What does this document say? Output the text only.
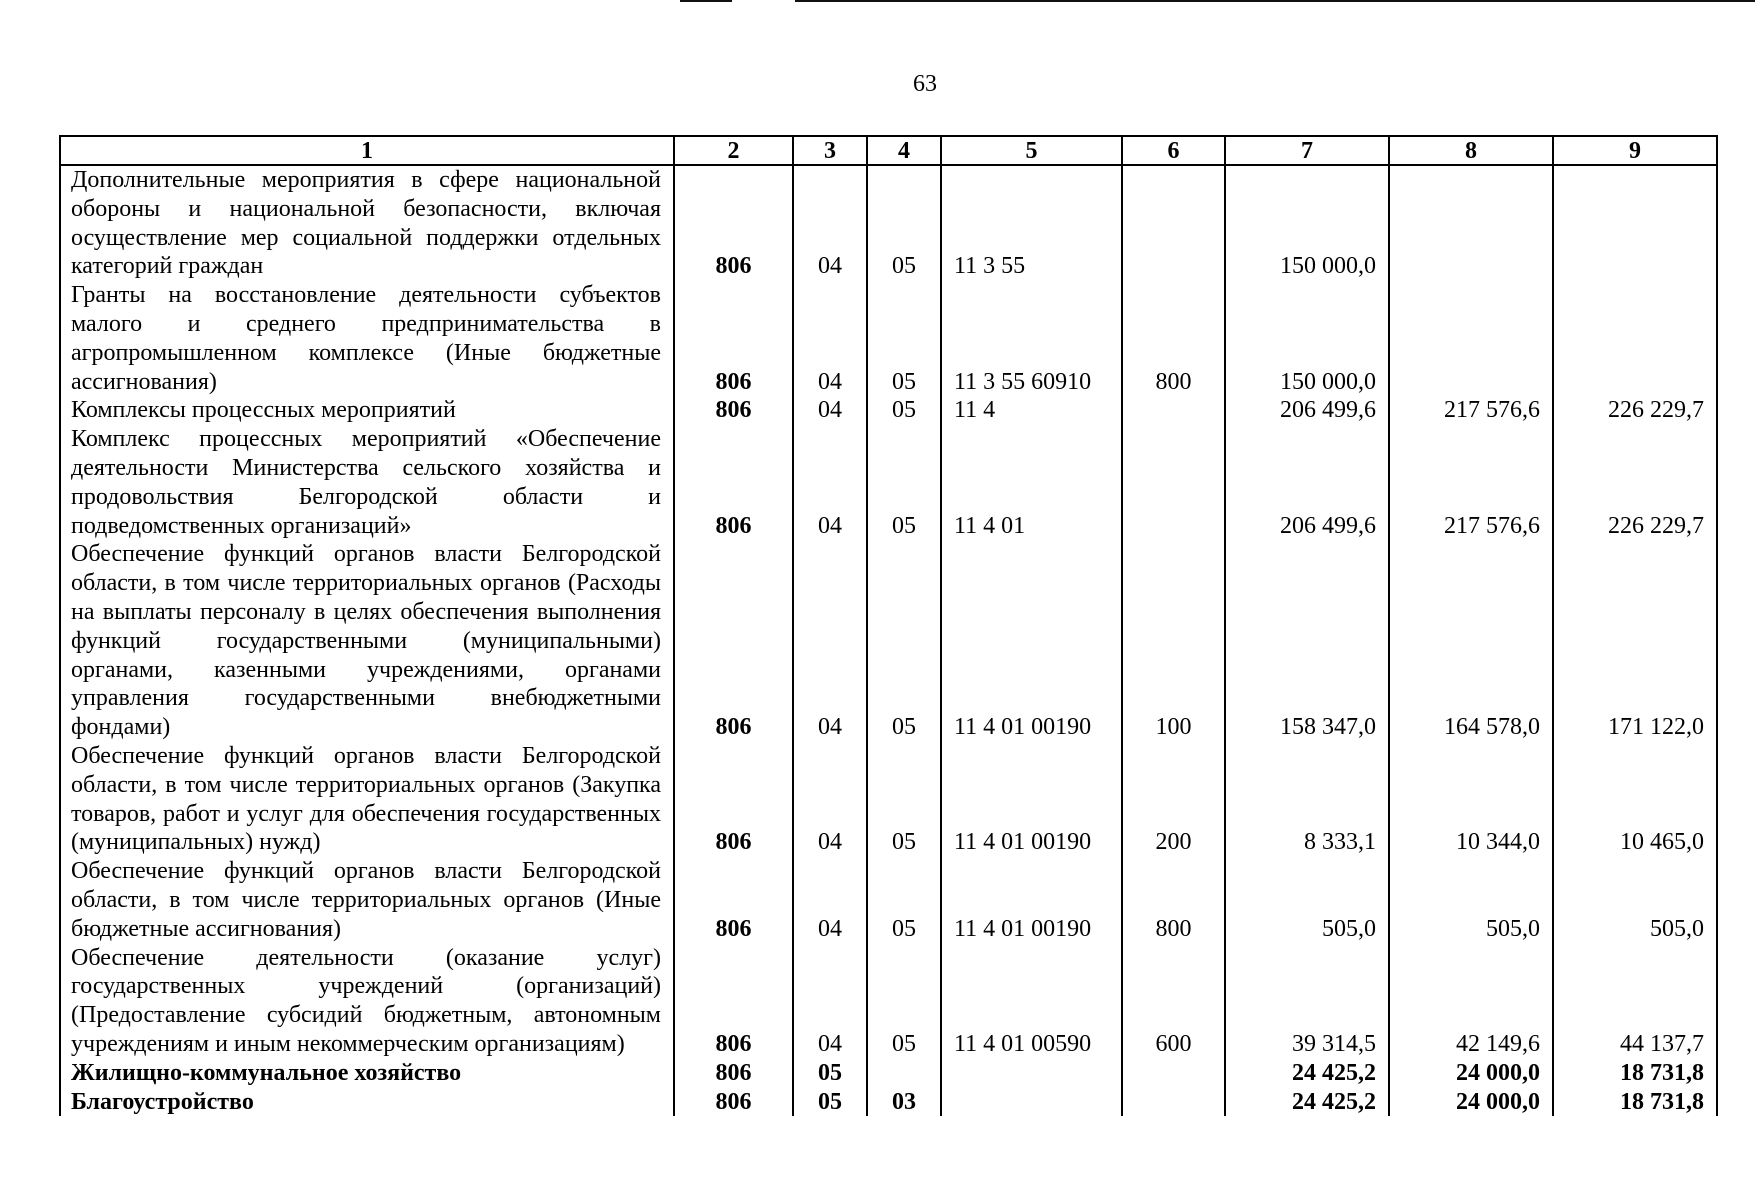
63
1	2	3	4	5	6	7	8	9
Дополнительные мероприятия в сфере национальной обороны и национальной безопасности, включая осуществление мер социальной поддержки отдельных категорий граждан	806	04	05	11 3 55		150 000,0		
Гранты на восстановление деятельности субъектов малого и среднего предпринимательства в агропромышленном комплексе (Иные бюджетные ассигнования)	806	04	05	11 3 55 60910	800	150 000,0		
Комплексы процессных мероприятий	806	04	05	11 4		206 499,6	217 576,6	226 229,7
Комплекс процессных мероприятий «Обеспечение деятельности Министерства сельского хозяйства и продовольствия Белгородской области и подведомственных организаций»	806	04	05	11 4 01		206 499,6	217 576,6	226 229,7
Обеспечение функций органов власти Белгородской области, в том числе территориальных органов (Расходы на выплаты персоналу в целях обеспечения выполнения функций государственными (муниципальными) органами, казенными учреждениями, органами управления государственными внебюджетными фондами)	806	04	05	11 4 01 00190	100	158 347,0	164 578,0	171 122,0
Обеспечение функций органов власти Белгородской области, в том числе территориальных органов (Закупка товаров, работ и услуг для обеспечения государственных (муниципальных) нужд)	806	04	05	11 4 01 00190	200	8 333,1	10 344,0	10 465,0
Обеспечение функций органов власти Белгородской области, в том числе территориальных органов (Иные бюджетные ассигнования)	806	04	05	11 4 01 00190	800	505,0	505,0	505,0
Обеспечение деятельности (оказание услуг) государственных учреждений (организаций) (Предоставление субсидий бюджетным, автономным учреждениям и иным некоммерческим организациям)	806	04	05	11 4 01 00590	600	39 314,5	42 149,6	44 137,7
Жилищно-коммунальное хозяйство	806	05				24 425,2	24 000,0	18 731,8
Благоустройство	806	05	03			24 425,2	24 000,0	18 731,8
